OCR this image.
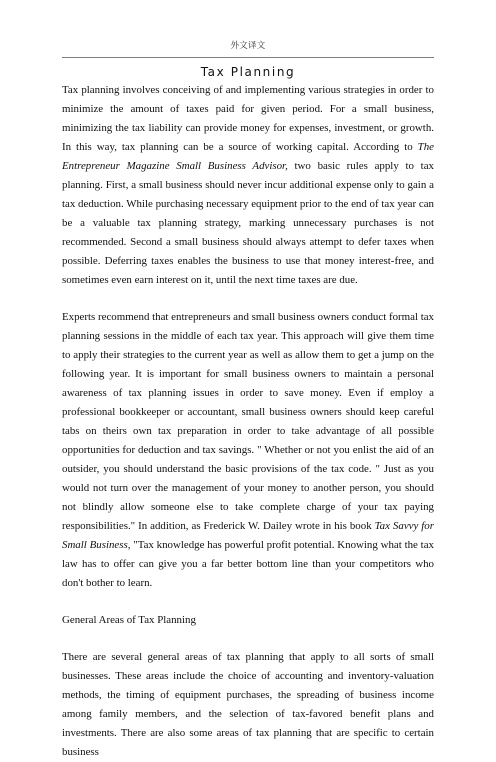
外文译文
Tax Planning

Tax planning involves conceiving of and implementing various strategies in order to minimize the amount of taxes paid for given period. For a small business, minimizing the tax liability can provide money for expenses, investment, or growth. In this way, tax planning can be a source of working capital. According to The Entrepreneur Magazine Small Business Advisor, two basic rules apply to tax planning. First, a small business should never incur additional expense only to gain a tax deduction. While purchasing necessary equipment prior to the end of tax year can be a valuable tax planning strategy, marking unnecessary purchases is not recommended. Second a small business should always attempt to defer taxes when possible. Deferring taxes enables the business to use that money interest-free, and sometimes even earn interest on it, until the next time taxes are due.

Experts recommend that entrepreneurs and small business owners conduct formal tax planning sessions in the middle of each tax year. This approach will give them time to apply their strategies to the current year as well as allow them to get a jump on the following year. It is important for small business owners to maintain a personal awareness of tax planning issues in order to save money. Even if employ a professional bookkeeper or accountant, small business owners should keep careful tabs on theirs own tax preparation in order to take advantage of all possible opportunities for deduction and tax savings. " Whether or not you enlist the aid of an outsider, you should understand the basic provisions of the tax code. " Just as you would not turn over the management of your money to another person, you should not blindly allow someone else to take complete charge of your tax paying responsibilities." In addition, as Frederick W. Dailey wrote in his book Tax Savvy for Small Business, "Tax knowledge has powerful profit potential. Knowing what the tax law has to offer can give you a far better bottom line than your competitors who don't bother to learn.

General Areas of Tax Planning

There are several general areas of tax planning that apply to all sorts of small businesses. These areas include the choice of accounting and inventory-valuation methods, the timing of equipment purchases, the spreading of business income among family members, and the selection of tax-favored benefit plans and investments. There are also some areas of tax planning that are specific to certain business
